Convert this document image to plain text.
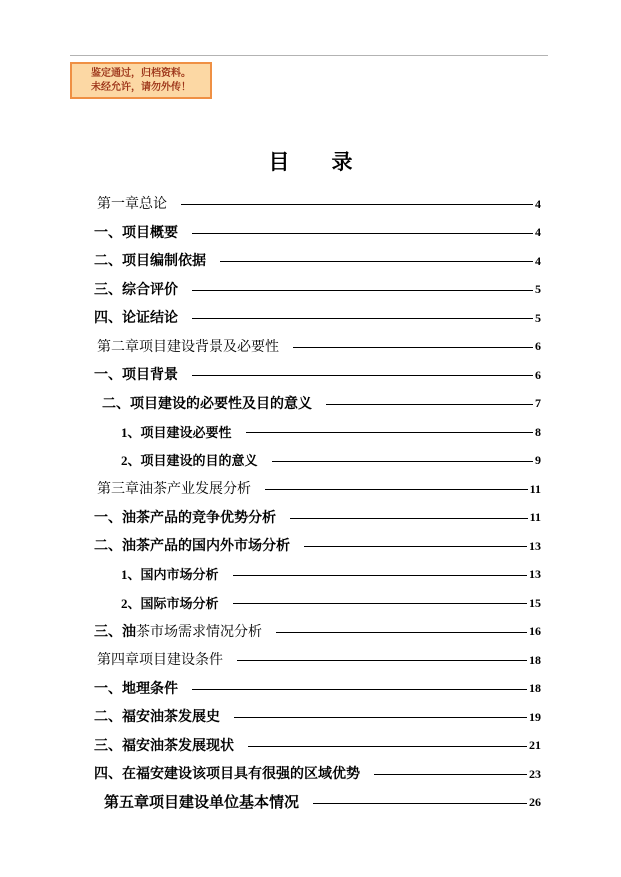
鉴定通过，归档资料。
未经允许，请勿外传！
目　　录
第一章总论	4
一、项目概要	4
二、项目编制依据	4
三、综合评价	5
四、论证结论	5
第二章项目建设背景及必要性	6
一、项目背景	6
二、项目建设的必要性及目的意义	7
1、项目建设必要性	8
2、项目建设的目的意义	9
第三章油茶产业发展分析	11
一、油茶产品的竞争优势分析	11
二、油茶产品的国内外市场分析	13
1、国内市场分析	13
2、国际市场分析	15
三、油茶市场需求情况分析	16
第四章项目建设条件	18
一、地理条件	18
二、福安油茶发展史	19
三、福安油茶发展现状	21
四、在福安建设该项目具有很强的区域优势	23
第五章项目建设单位基本情况	26
